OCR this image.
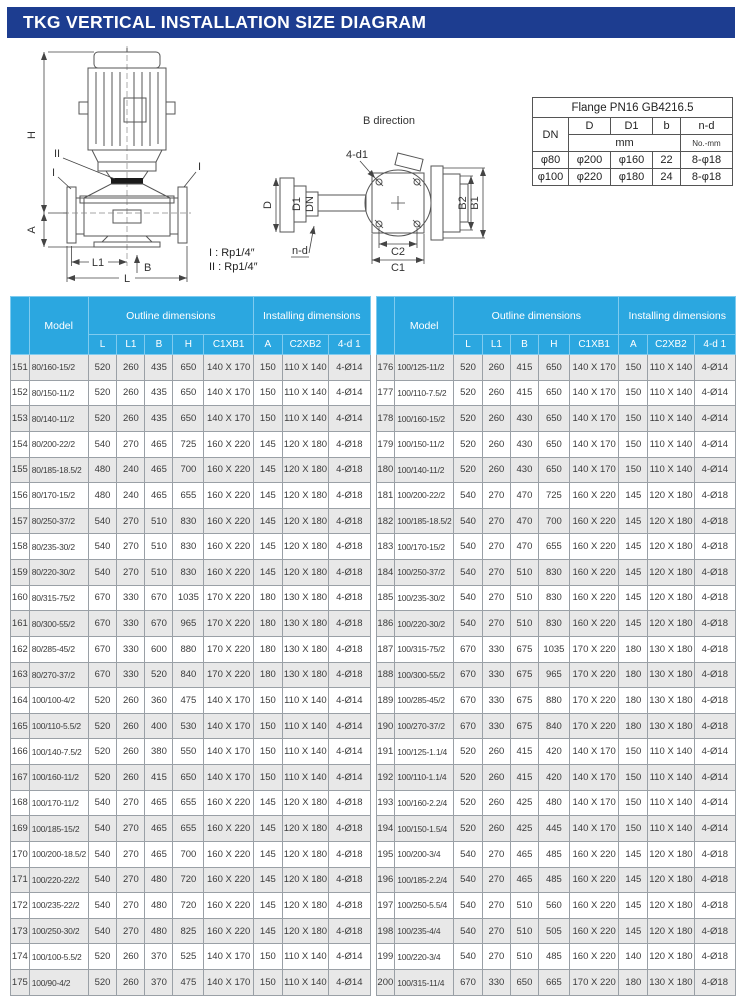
TKG VERTICAL INSTALLATION SIZE DIAGRAM
H
A
L1
L
B
II
I	I
B direction
D D1 DN
n-d
4-d1
B2 B1
C2
C1
I : Rp1/4″
II : Rp1/4″
Flange PN16 GB4216.5				
DN	D	D1	b	n-d
	mm			No.-mm
φ80	φ200	φ160	22	8-φ18
φ100	φ220	φ180	24	8-φ18
	Model	Outline dimensions					Installing dimensions		
		L	L1	B	H	C1XB1	A	C2XB2	4-d 1
151	80/160-15/2	520	260	435	650	140 X 170	150	110 X 140	4-Ø14
152	80/150-11/2	520	260	435	650	140 X 170	150	110 X 140	4-Ø14
153	80/140-11/2	520	260	435	650	140 X 170	150	110 X 140	4-Ø14
154	80/200-22/2	540	270	465	725	160 X 220	145	120 X 180	4-Ø18
155	80/185-18.5/2	480	240	465	700	160 X 220	145	120 X 180	4-Ø18
156	80/170-15/2	480	240	465	655	160 X 220	145	120 X 180	4-Ø18
157	80/250-37/2	540	270	510	830	160 X 220	145	120 X 180	4-Ø18
158	80/235-30/2	540	270	510	830	160 X 220	145	120 X 180	4-Ø18
159	80/220-30/2	540	270	510	830	160 X 220	145	120 X 180	4-Ø18
160	80/315-75/2	670	330	670	1035	170 X 220	180	130 X 180	4-Ø18
161	80/300-55/2	670	330	670	965	170 X 220	180	130 X 180	4-Ø18
162	80/285-45/2	670	330	600	880	170 X 220	180	130 X 180	4-Ø18
163	80/270-37/2	670	330	520	840	170 X 220	180	130 X 180	4-Ø18
164	100/100-4/2	520	260	360	475	140 X 170	150	110 X 140	4-Ø14
165	100/110-5.5/2	520	260	400	530	140 X 170	150	110 X 140	4-Ø14
166	100/140-7.5/2	520	260	380	550	140 X 170	150	110 X 140	4-Ø14
167	100/160-11/2	520	260	415	650	140 X 170	150	110 X 140	4-Ø14
168	100/170-11/2	540	270	465	655	160 X 220	145	120 X 180	4-Ø18
169	100/185-15/2	540	270	465	655	160 X 220	145	120 X 180	4-Ø18
170	100/200-18.5/2	540	270	465	700	160 X 220	145	120 X 180	4-Ø18
171	100/220-22/2	540	270	480	720	160 X 220	145	120 X 180	4-Ø18
172	100/235-22/2	540	270	480	720	160 X 220	145	120 X 180	4-Ø18
173	100/250-30/2	540	270	480	825	160 X 220	145	120 X 180	4-Ø18
174	100/100-5.5/2	520	260	370	525	140 X 170	150	110 X 140	4-Ø14
175	100/90-4/2	520	260	370	475	140 X 170	150	110 X 140	4-Ø14
	Model	Outline dimensions					Installing dimensions		
		L	L1	B	H	C1XB1	A	C2XB2	4-d 1
176	100/125-11/2	520	260	415	650	140 X 170	150	110 X 140	4-Ø14
177	100/110-7.5/2	520	260	415	650	140 X 170	150	110 X 140	4-Ø14
178	100/160-15/2	520	260	430	650	140 X 170	150	110 X 140	4-Ø14
179	100/150-11/2	520	260	430	650	140 X 170	150	110 X 140	4-Ø14
180	100/140-11/2	520	260	430	650	140 X 170	150	110 X 140	4-Ø14
181	100/200-22/2	540	270	470	725	160 X 220	145	120 X 180	4-Ø18
182	100/185-18.5/2	540	270	470	700	160 X 220	145	120 X 180	4-Ø18
183	100/170-15/2	540	270	470	655	160 X 220	145	120 X 180	4-Ø18
184	100/250-37/2	540	270	510	830	160 X 220	145	120 X 180	4-Ø18
185	100/235-30/2	540	270	510	830	160 X 220	145	120 X 180	4-Ø18
186	100/220-30/2	540	270	510	830	160 X 220	145	120 X 180	4-Ø18
187	100/315-75/2	670	330	675	1035	170 X 220	180	130 X 180	4-Ø18
188	100/300-55/2	670	330	675	965	170 X 220	180	130 X 180	4-Ø18
189	100/285-45/2	670	330	675	880	170 X 220	180	130 X 180	4-Ø18
190	100/270-37/2	670	330	675	840	170 X 220	180	130 X 180	4-Ø18
191	100/125-1.1/4	520	260	415	420	140 X 170	150	110 X 140	4-Ø14
192	100/110-1.1/4	520	260	415	420	140 X 170	150	110 X 140	4-Ø14
193	100/160-2.2/4	520	260	425	480	140 X 170	150	110 X 140	4-Ø14
194	100/150-1.5/4	520	260	425	445	140 X 170	150	110 X 140	4-Ø14
195	100/200-3/4	540	270	465	485	160 X 220	145	120 X 180	4-Ø18
196	100/185-2.2/4	540	270	465	485	160 X 220	145	120 X 180	4-Ø18
197	100/250-5.5/4	540	270	510	560	160 X 220	145	120 X 180	4-Ø18
198	100/235-4/4	540	270	510	505	160 X 220	145	120 X 180	4-Ø18
199	100/220-3/4	540	270	510	485	160 X 220	140	120 X 180	4-Ø18
200	100/315-11/4	670	330	650	665	170 X 220	180	130 X 180	4-Ø18
